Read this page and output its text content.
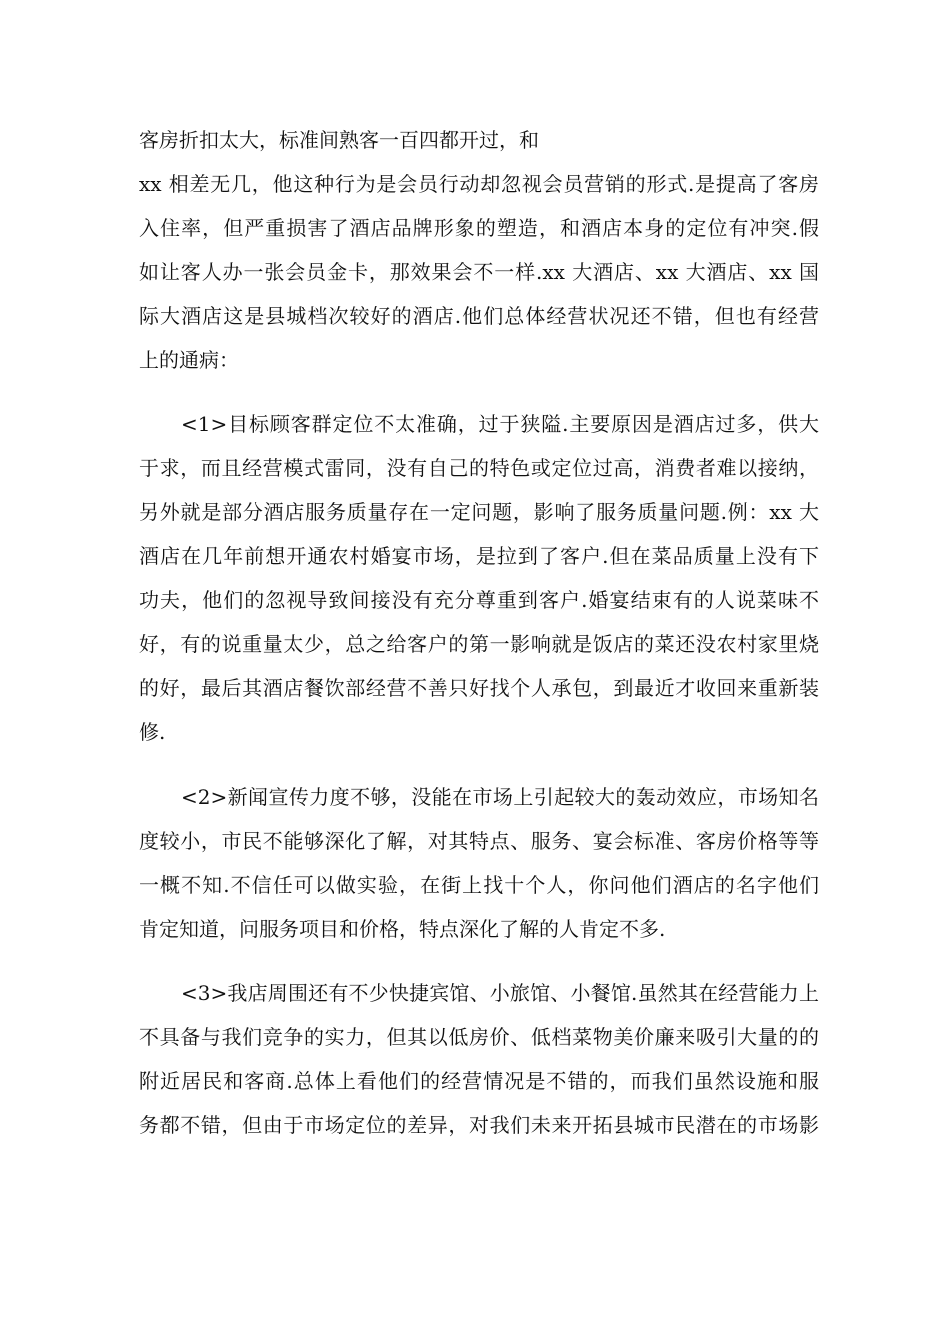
客房折扣太大，标准间熟客一百四都开过，和
xx 相差无几，他这种行为是会员行动却忽视会员营销的形式.是提高了客房
入住率，但严重损害了酒店品牌形象的塑造，和酒店本身的定位有冲突.假
如让客人办一张会员金卡，那效果会不一样.xx 大酒店、xx 大酒店、xx 国
际大酒店这是县城档次较好的酒店.他们总体经营状况还不错，但也有经营
上的通病：
<1>目标顾客群定位不太准确，过于狭隘.主要原因是酒店过多，供大
于求，而且经营模式雷同，没有自己的特色或定位过高，消费者难以接纳，
另外就是部分酒店服务质量存在一定问题，影响了服务质量问题.例：xx 大
酒店在几年前想开通农村婚宴市场，是拉到了客户.但在菜品质量上没有下
功夫，他们的忽视导致间接没有充分尊重到客户.婚宴结束有的人说菜味不
好，有的说重量太少，总之给客户的第一影响就是饭店的菜还没农村家里烧
的好，最后其酒店餐饮部经营不善只好找个人承包，到最近才收回来重新装
修.
<2>新闻宣传力度不够，没能在市场上引起较大的轰动效应，市场知名
度较小，市民不能够深化了解，对其特点、服务、宴会标准、客房价格等等
一概不知.不信任可以做实验，在街上找十个人，你问他们酒店的名字他们
肯定知道，问服务项目和价格，特点深化了解的人肯定不多.
<3>我店周围还有不少快捷宾馆、小旅馆、小餐馆.虽然其在经营能力上
不具备与我们竞争的实力，但其以低房价、低档菜物美价廉来吸引大量的的
附近居民和客商.总体上看他们的经营情况是不错的，而我们虽然设施和服
务都不错，但由于市场定位的差异，对我们未来开拓县城市民潜在的市场影
